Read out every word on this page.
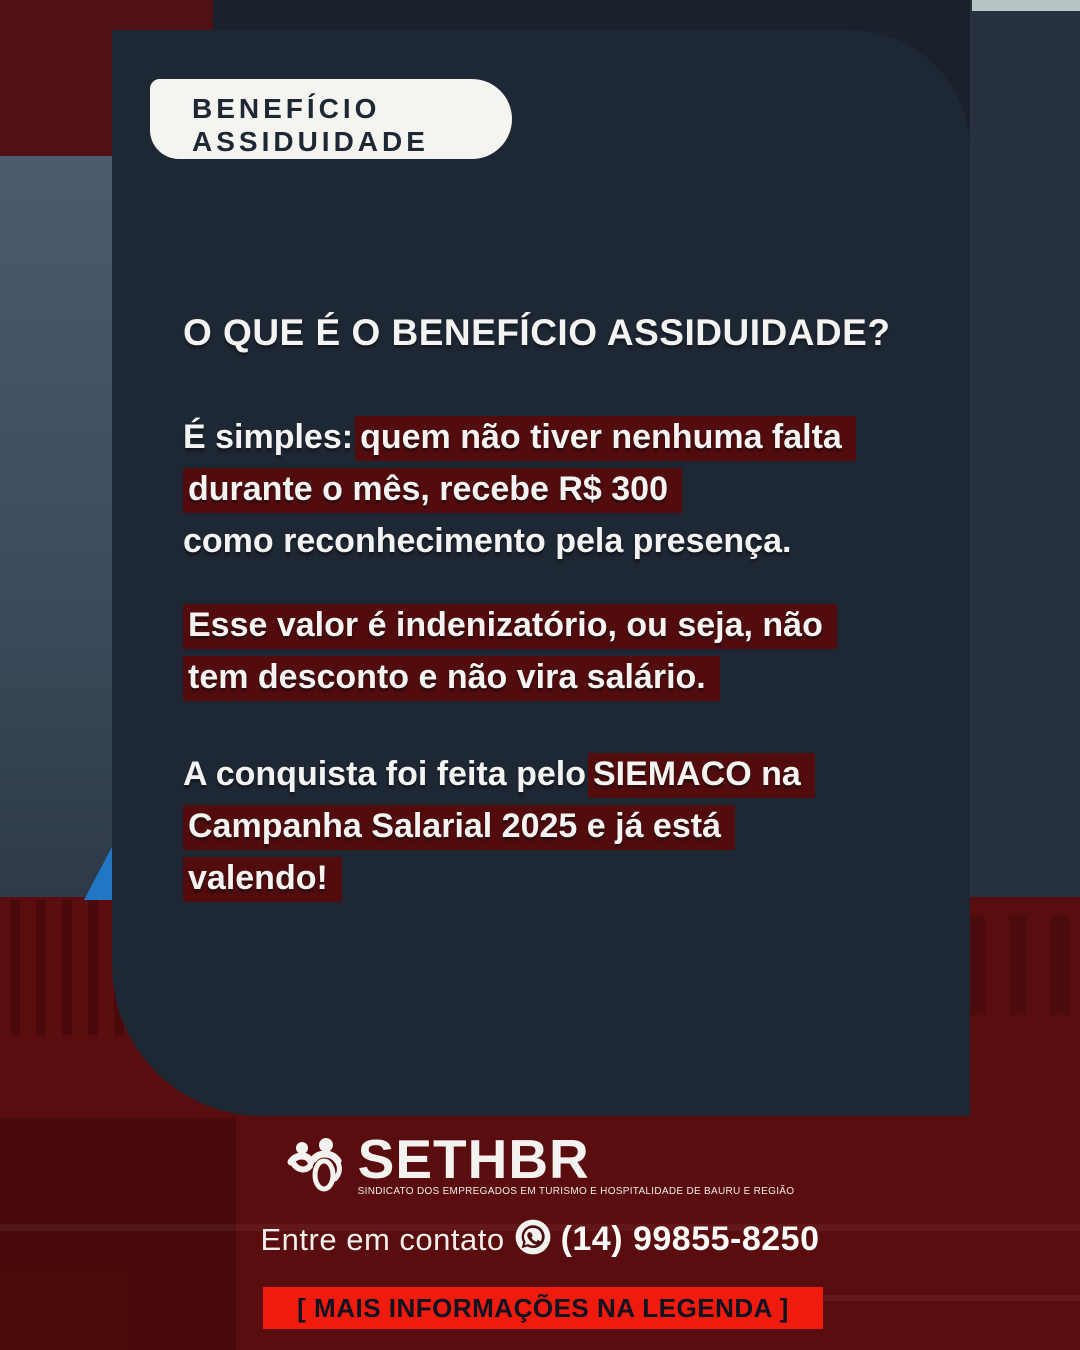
BENEFÍCIO
ASSIDUIDADE
O QUE É O BENEFÍCIO ASSIDUIDADE?
É simples: quem não tiver nenhuma falta
durante o mês, recebe R$ 300
como reconhecimento pela presença.
Esse valor é indenizatório, ou seja, não
tem desconto e não vira salário.
A conquista foi feita pelo SIEMACO na
Campanha Salarial 2025 e já está
valendo!
SETHBR
SINDICATO DOS EMPREGADOS EM TURISMO E HOSPITALIDADE DE BAURU E REGIÃO
Entre em contato (14) 99855-8250
[ MAIS INFORMAÇÕES NA LEGENDA ]
